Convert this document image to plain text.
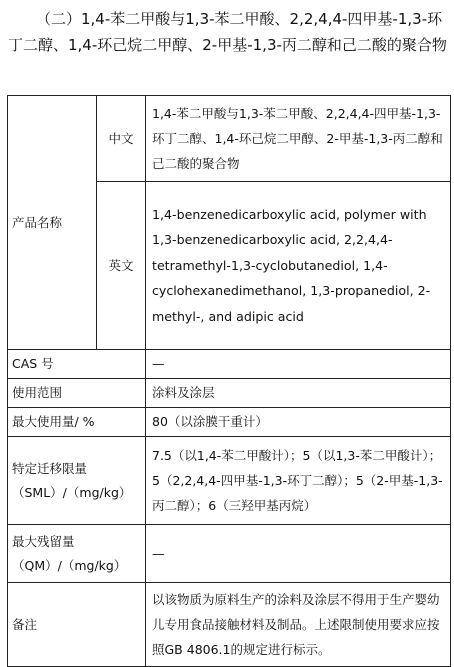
（二）1,4-苯二甲酸与1,3-苯二甲酸、2,2,4,4-四甲基-1,3-环丁二醇、1,4-环己烷二甲醇、2-甲基-1,3-丙二醇和己二酸的聚合物
产品名称	中文	1,4-苯二甲酸与1,3-苯二甲酸、2,2,4,4-四甲基-1,3-环丁二醇、1,4-环己烷二甲醇、2-甲基-1,3-丙二醇和己二酸的聚合物
	英文	1,4-benzenedicarboxylic acid, polymer with 1,3-benzenedicarboxylic acid, 2,2,4,4-tetramethyl-1,3-cyclobutanediol, 1,4-cyclohexanedimethanol, 1,3-propanediol, 2-methyl-, and adipic acid
CAS 号		—
使用范围		涂料及涂层
最大使用量/ %		80（以涂膜干重计）

特定迁移限量
（SML）/（mg/kg）		7.5（以1,4-苯二甲酸计）；5（以1,3-苯二甲酸计）；5（2,2,4,4-四甲基-1,3-环丁二醇）；5（2-甲基-1,3-丙二醇）；6（三羟甲基丙烷）

最大残留量
（QM）/（mg/kg）		—
备注		以该物质为原料生产的涂料及涂层不得用于生产婴幼儿专用食品接触材料及制品。上述限制使用要求应按照GB 4806.1的规定进行标示。
